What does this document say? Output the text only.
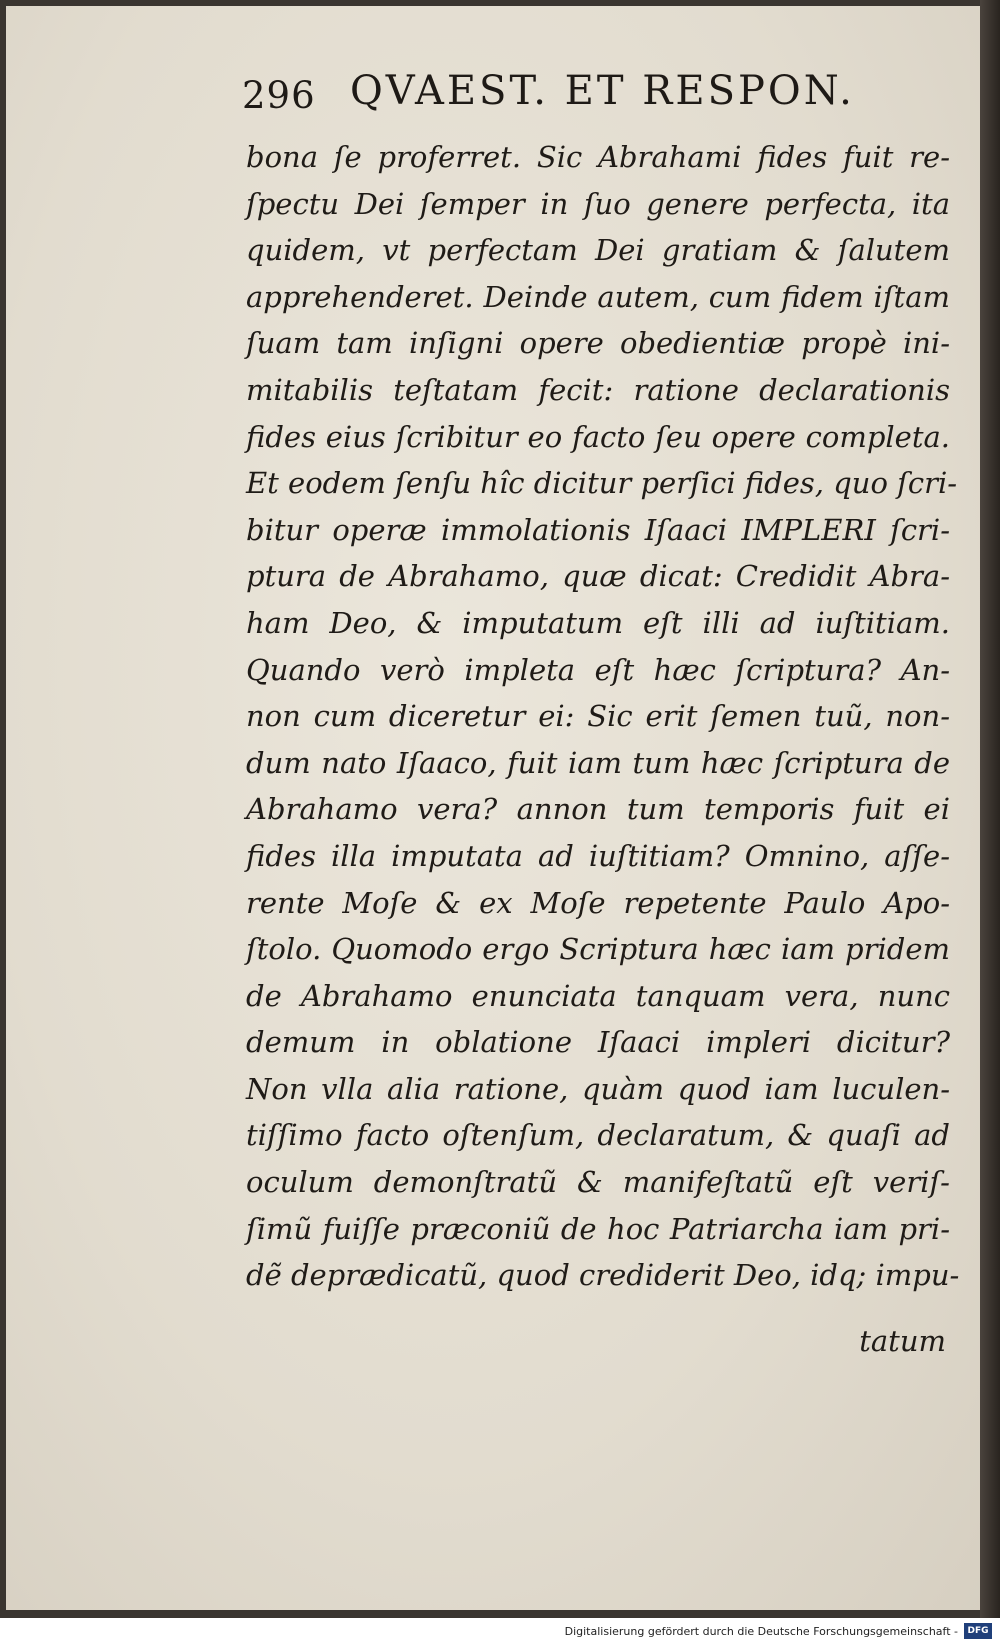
296 QVAEST. ET RESPON.
bona ſe proferret. Sic Abrahami fides fuit re-
ſpectu Dei ſemper in ſuo genere perfecta, ita
quidem, vt perfectam Dei gratiam & ſalutem
apprehenderet. Deinde autem, cum fidem iſtam
ſuam tam inſigni opere obedientiæ propè ini-
mitabilis teſtatam fecit: ratione declarationis
fides eius ſcribitur eo facto ſeu opere completa.
Et eodem ſenſu hîc dicitur perſici fides, quo ſcri-
bitur operæ immolationis Iſaaci IMPLERI ſcri-
ptura de Abrahamo, quæ dicat: Credidit Abra-
ham Deo, & imputatum eſt illi ad iuſtitiam.
Quando verò impleta eſt hæc ſcriptura? An-
non cum diceretur ei: Sic erit ſemen tuũ, non-
dum nato Iſaaco, fuit iam tum hæc ſcriptura de
Abrahamo vera? annon tum temporis fuit ei
fides illa imputata ad iuſtitiam? Omnino, aſſe-
rente Moſe & ex Moſe repetente Paulo Apo-
ſtolo. Quomodo ergo Scriptura hæc iam pridem
de Abrahamo enunciata tanquam vera, nunc
demum in oblatione Iſaaci impleri dicitur?
Non vlla alia ratione, quàm quod iam luculen-
tiſſimo facto oſtenſum, declaratum, & quaſi ad
oculum demonſtratũ & manifeſtatũ eſt veriſ-
ſimũ fuiſſe præconiũ de hoc Patriarcha iam pri-
dẽ deprædicatũ, quod crediderit Deo, idq; impu-
tatum
Digitalisierung gefördert durch die Deutsche Forschungsgemeinschaft -	DFG
